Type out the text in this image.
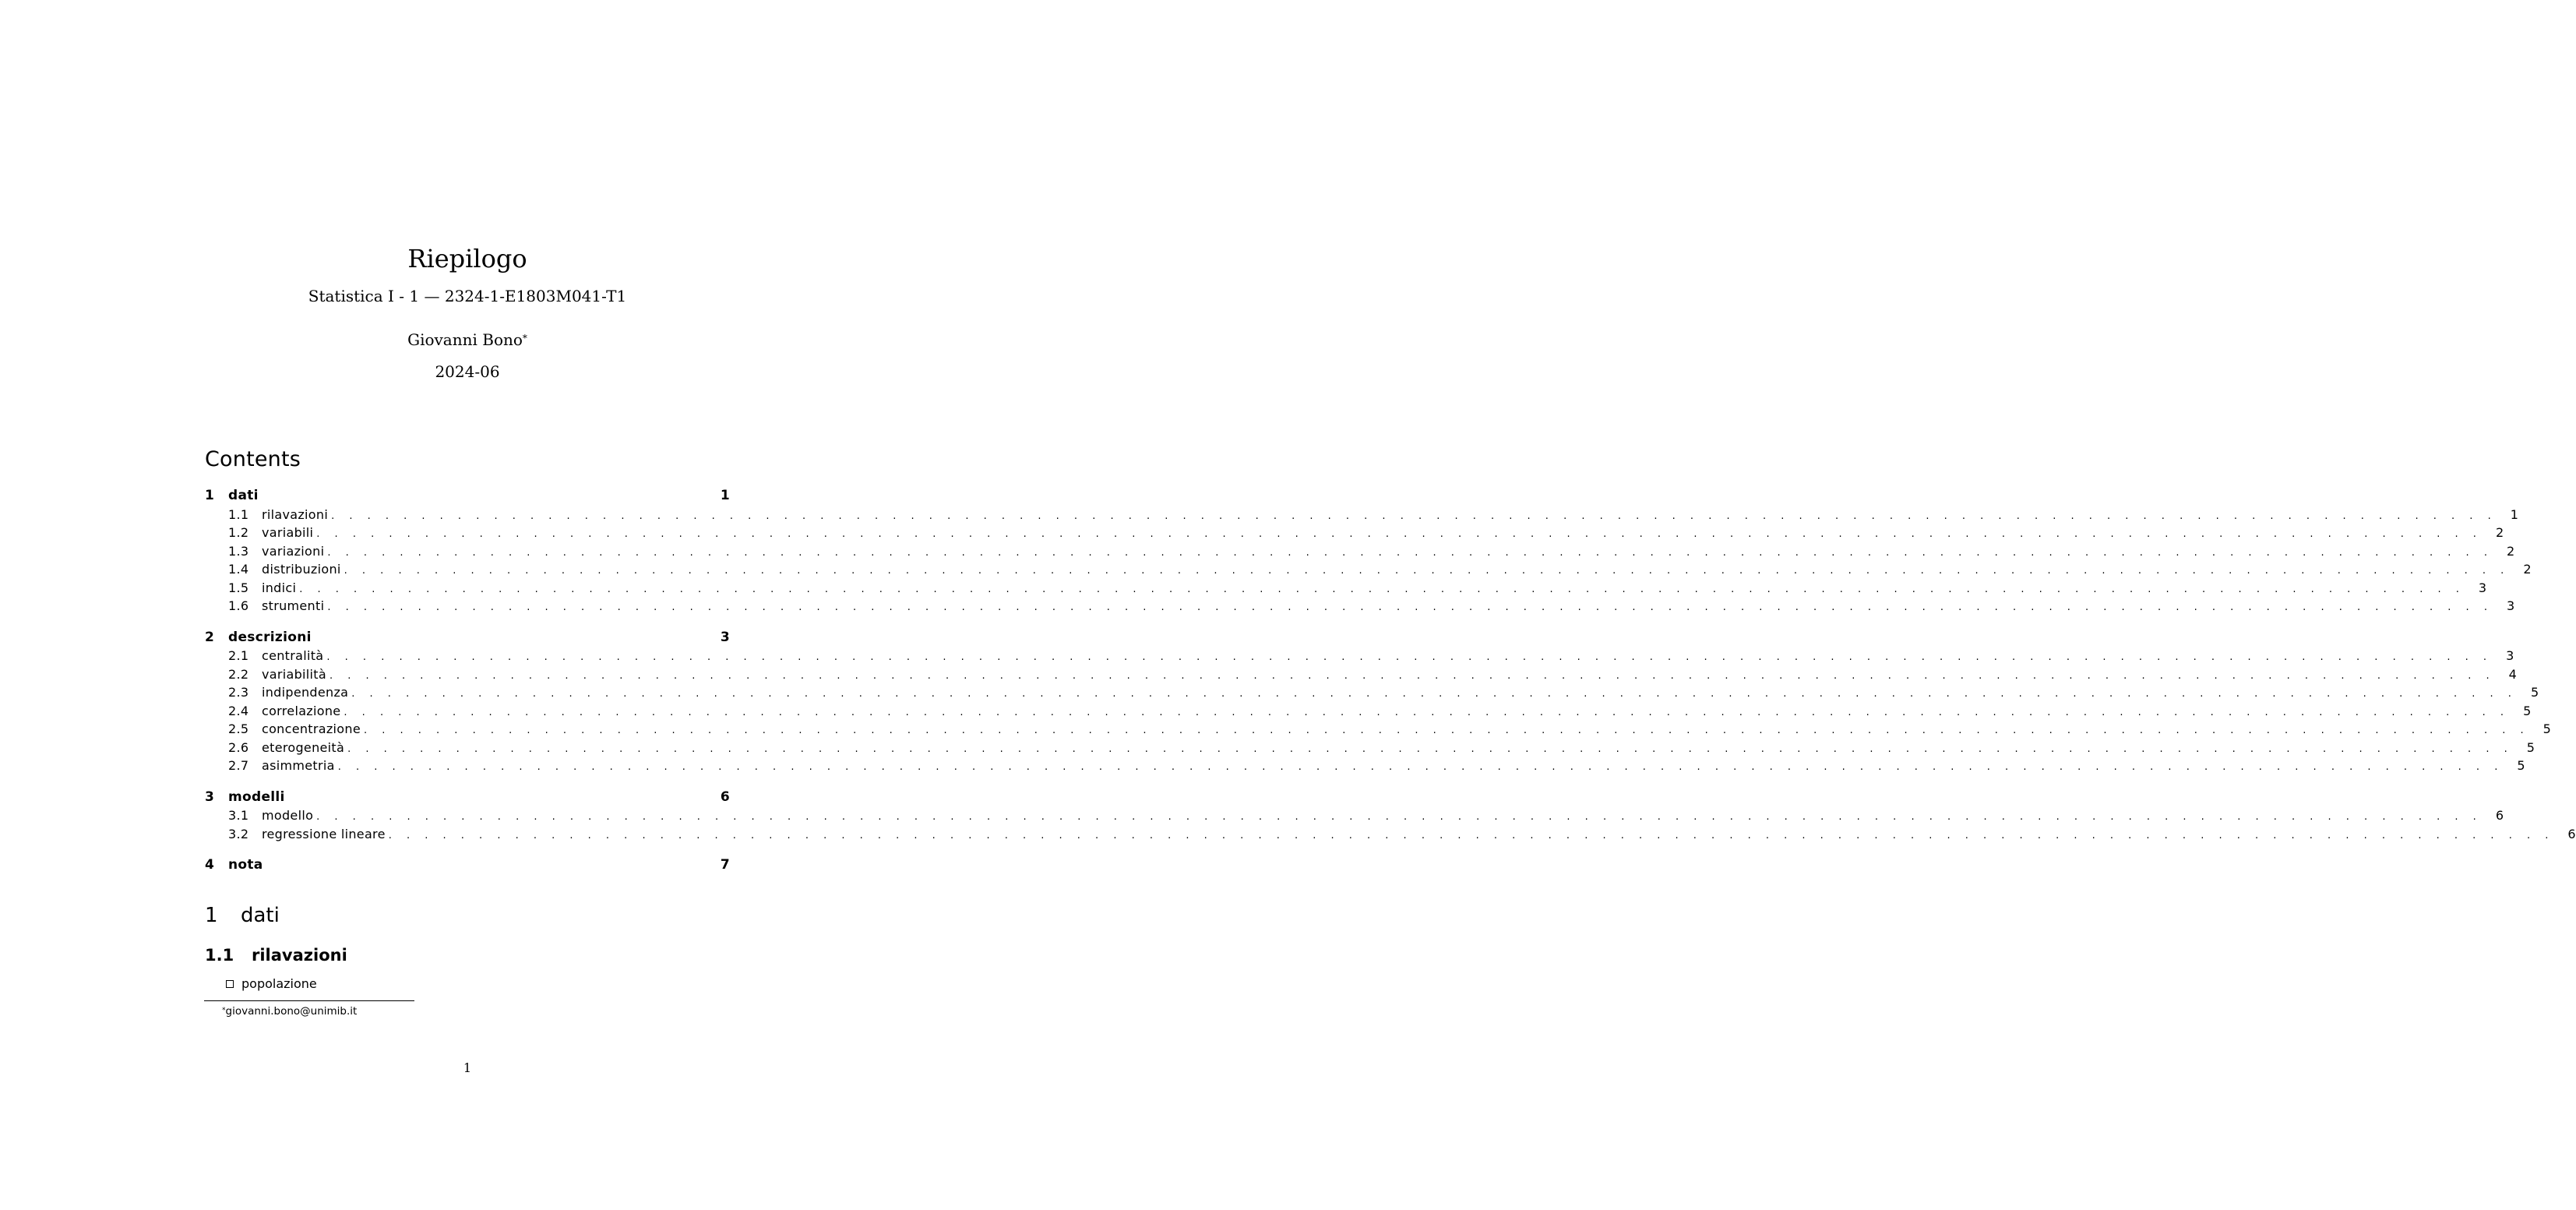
Riepilogo
Statistica I - 1 — 2324-1-E1803M041-T1
Giovanni Bono*
2024-06
Contents
1	dati	1
1.1	rilavazioni . . . . . . . . . . . . . . . . . . . . . . . . . . . . . . . . . . . . . . . . . . . . . . . . . . . . . . . . . . . . . . . . . . . . . . . . . . . . . . . . . . . . . . . . . . . . . . . . . . . . . . . . . . . . . . . . . . . . . . . .	1
1.2	variabili . . . . . . . . . . . . . . . . . . . . . . . . . . . . . . . . . . . . . . . . . . . . . . . . . . . . . . . . . . . . . . . . . . . . . . . . . . . . . . . . . . . . . . . . . . . . . . . . . . . . . . . . . . . . . . . . . . . . . . . .	2
1.3	variazioni . . . . . . . . . . . . . . . . . . . . . . . . . . . . . . . . . . . . . . . . . . . . . . . . . . . . . . . . . . . . . . . . . . . . . . . . . . . . . . . . . . . . . . . . . . . . . . . . . . . . . . . . . . . . . . . . . . . . . . . .	2
1.4	distribuzioni . . . . . . . . . . . . . . . . . . . . . . . . . . . . . . . . . . . . . . . . . . . . . . . . . . . . . . . . . . . . . . . . . . . . . . . . . . . . . . . . . . . . . . . . . . . . . . . . . . . . . . . . . . . . . . . . . . . . . . . .	2
1.5	indici . . . . . . . . . . . . . . . . . . . . . . . . . . . . . . . . . . . . . . . . . . . . . . . . . . . . . . . . . . . . . . . . . . . . . . . . . . . . . . . . . . . . . . . . . . . . . . . . . . . . . . . . . . . . . . . . . . . . . . . .	3
1.6	strumenti . . . . . . . . . . . . . . . . . . . . . . . . . . . . . . . . . . . . . . . . . . . . . . . . . . . . . . . . . . . . . . . . . . . . . . . . . . . . . . . . . . . . . . . . . . . . . . . . . . . . . . . . . . . . . . . . . . . . . . . .	3
2	descrizioni	3
2.1	centralità . . . . . . . . . . . . . . . . . . . . . . . . . . . . . . . . . . . . . . . . . . . . . . . . . . . . . . . . . . . . . . . . . . . . . . . . . . . . . . . . . . . . . . . . . . . . . . . . . . . . . . . . . . . . . . . . . . . . . . . .	3
2.2	variabilità . . . . . . . . . . . . . . . . . . . . . . . . . . . . . . . . . . . . . . . . . . . . . . . . . . . . . . . . . . . . . . . . . . . . . . . . . . . . . . . . . . . . . . . . . . . . . . . . . . . . . . . . . . . . . . . . . . . . . . . .	4
2.3	indipendenza . . . . . . . . . . . . . . . . . . . . . . . . . . . . . . . . . . . . . . . . . . . . . . . . . . . . . . . . . . . . . . . . . . . . . . . . . . . . . . . . . . . . . . . . . . . . . . . . . . . . . . . . . . . . . . . . . . . . . . . .	5
2.4	correlazione . . . . . . . . . . . . . . . . . . . . . . . . . . . . . . . . . . . . . . . . . . . . . . . . . . . . . . . . . . . . . . . . . . . . . . . . . . . . . . . . . . . . . . . . . . . . . . . . . . . . . . . . . . . . . . . . . . . . . . . .	5
2.5	concentrazione . . . . . . . . . . . . . . . . . . . . . . . . . . . . . . . . . . . . . . . . . . . . . . . . . . . . . . . . . . . . . . . . . . . . . . . . . . . . . . . . . . . . . . . . . . . . . . . . . . . . . . . . . . . . . . . . . . . . . . . .	5
2.6	eterogeneità . . . . . . . . . . . . . . . . . . . . . . . . . . . . . . . . . . . . . . . . . . . . . . . . . . . . . . . . . . . . . . . . . . . . . . . . . . . . . . . . . . . . . . . . . . . . . . . . . . . . . . . . . . . . . . . . . . . . . . . .	5
2.7	asimmetria . . . . . . . . . . . . . . . . . . . . . . . . . . . . . . . . . . . . . . . . . . . . . . . . . . . . . . . . . . . . . . . . . . . . . . . . . . . . . . . . . . . . . . . . . . . . . . . . . . . . . . . . . . . . . . . . . . . . . . . .	5
3	modelli	6
3.1	modello . . . . . . . . . . . . . . . . . . . . . . . . . . . . . . . . . . . . . . . . . . . . . . . . . . . . . . . . . . . . . . . . . . . . . . . . . . . . . . . . . . . . . . . . . . . . . . . . . . . . . . . . . . . . . . . . . . . . . . . .	6
3.2	regressione lineare . . . . . . . . . . . . . . . . . . . . . . . . . . . . . . . . . . . . . . . . . . . . . . . . . . . . . . . . . . . . . . . . . . . . . . . . . . . . . . . . . . . . . . . . . . . . . . . . . . . . . . . . . . . . . . . . . . . . . . . .	6
4	nota	7
1	dati
1.1	rilavazioni
popolazione
*giovanni.bono@unimib.it
1
